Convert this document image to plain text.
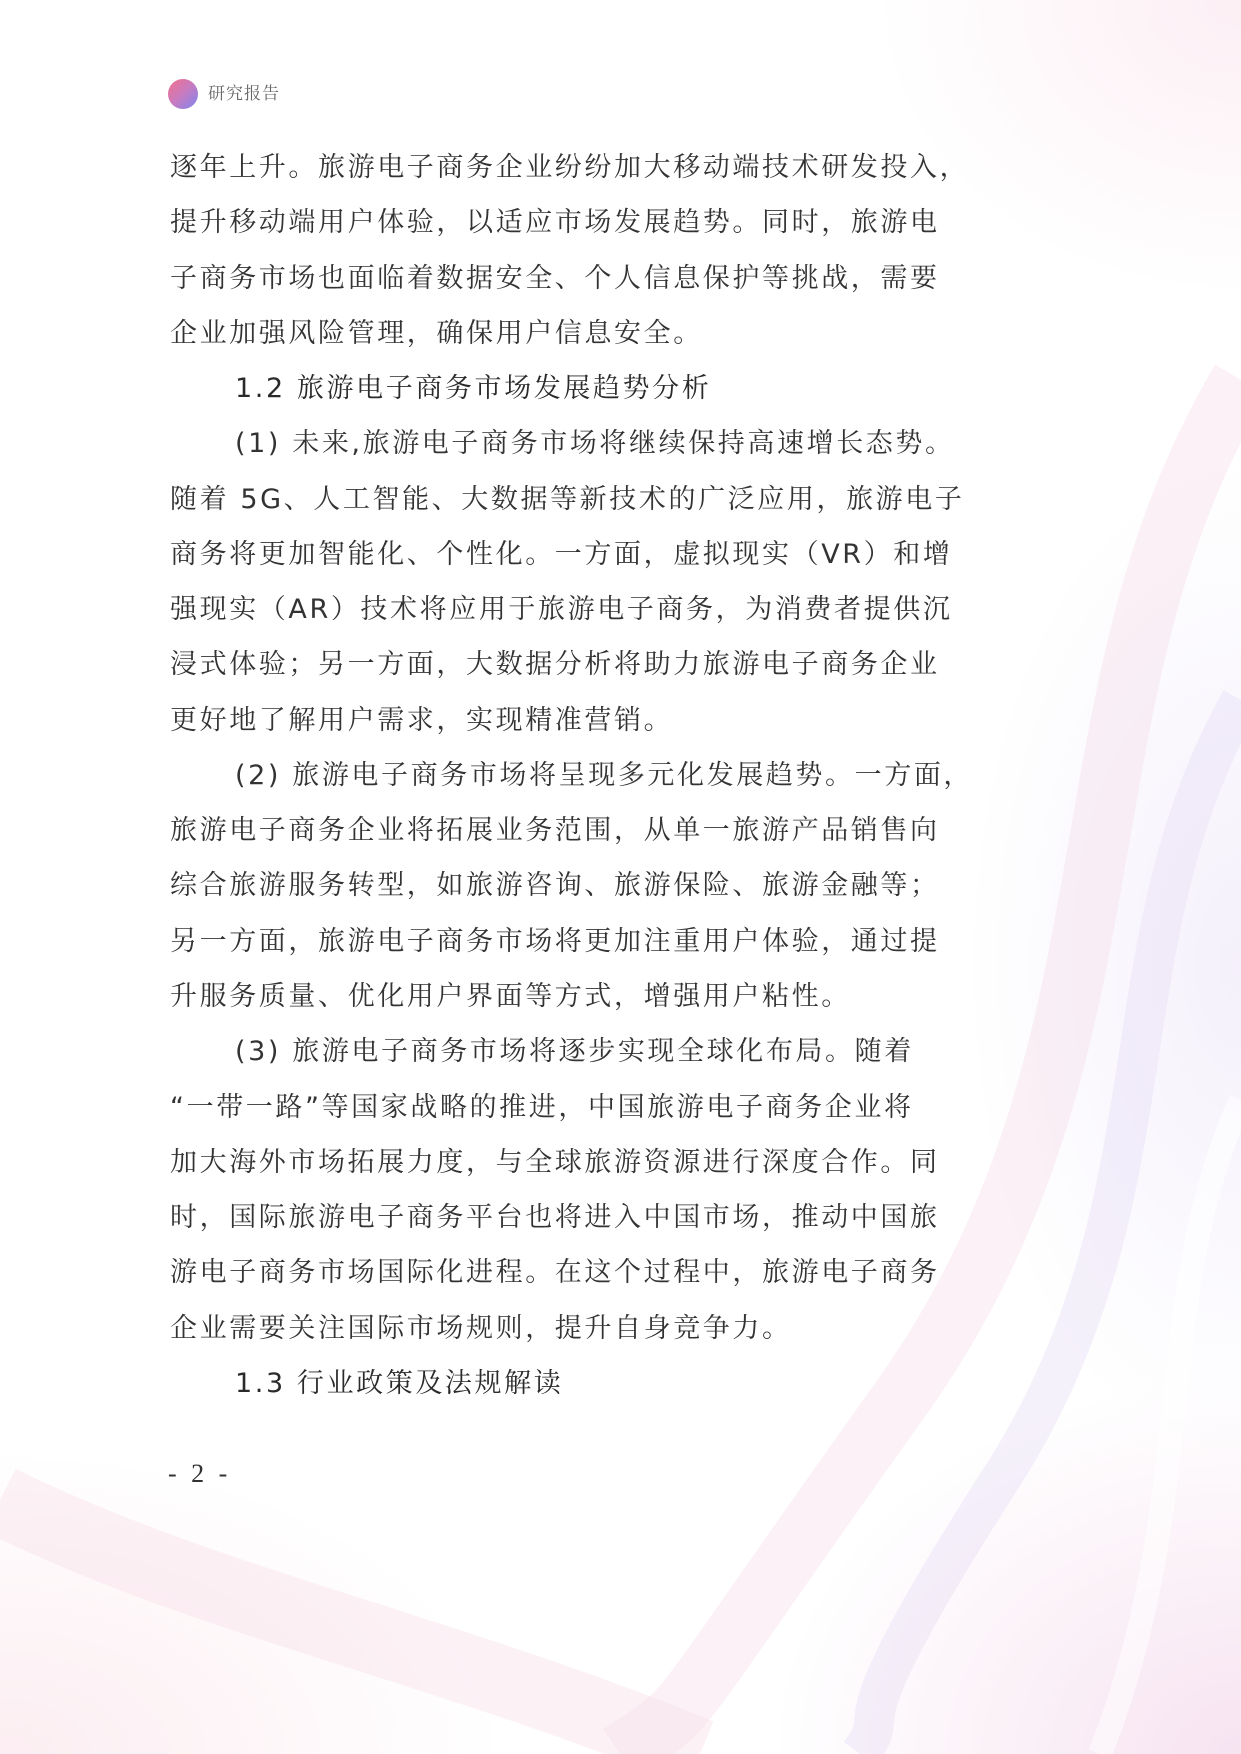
研究报告
逐年上升。旅游电子商务企业纷纷加大移动端技术研发投入，
提升移动端用户体验，以适应市场发展趋势。同时，旅游电
子商务市场也面临着数据安全、个人信息保护等挑战，需要
企业加强风险管理，确保用户信息安全。
1.2 旅游电子商务市场发展趋势分析
(1) 未来,旅游电子商务市场将继续保持高速增长态势。
随着 5G、人工智能、大数据等新技术的广泛应用，旅游电子
商务将更加智能化、个性化。一方面，虚拟现实（VR）和增
强现实（AR）技术将应用于旅游电子商务，为消费者提供沉
浸式体验；另一方面，大数据分析将助力旅游电子商务企业
更好地了解用户需求，实现精准营销。
(2) 旅游电子商务市场将呈现多元化发展趋势。一方面，
旅游电子商务企业将拓展业务范围，从单一旅游产品销售向
综合旅游服务转型，如旅游咨询、旅游保险、旅游金融等；
另一方面，旅游电子商务市场将更加注重用户体验，通过提
升服务质量、优化用户界面等方式，增强用户粘性。
(3) 旅游电子商务市场将逐步实现全球化布局。随着
“一带一路”等国家战略的推进，中国旅游电子商务企业将
加大海外市场拓展力度，与全球旅游资源进行深度合作。同
时，国际旅游电子商务平台也将进入中国市场，推动中国旅
游电子商务市场国际化进程。在这个过程中，旅游电子商务
企业需要关注国际市场规则，提升自身竞争力。
1.3 行业政策及法规解读
- 2 -
